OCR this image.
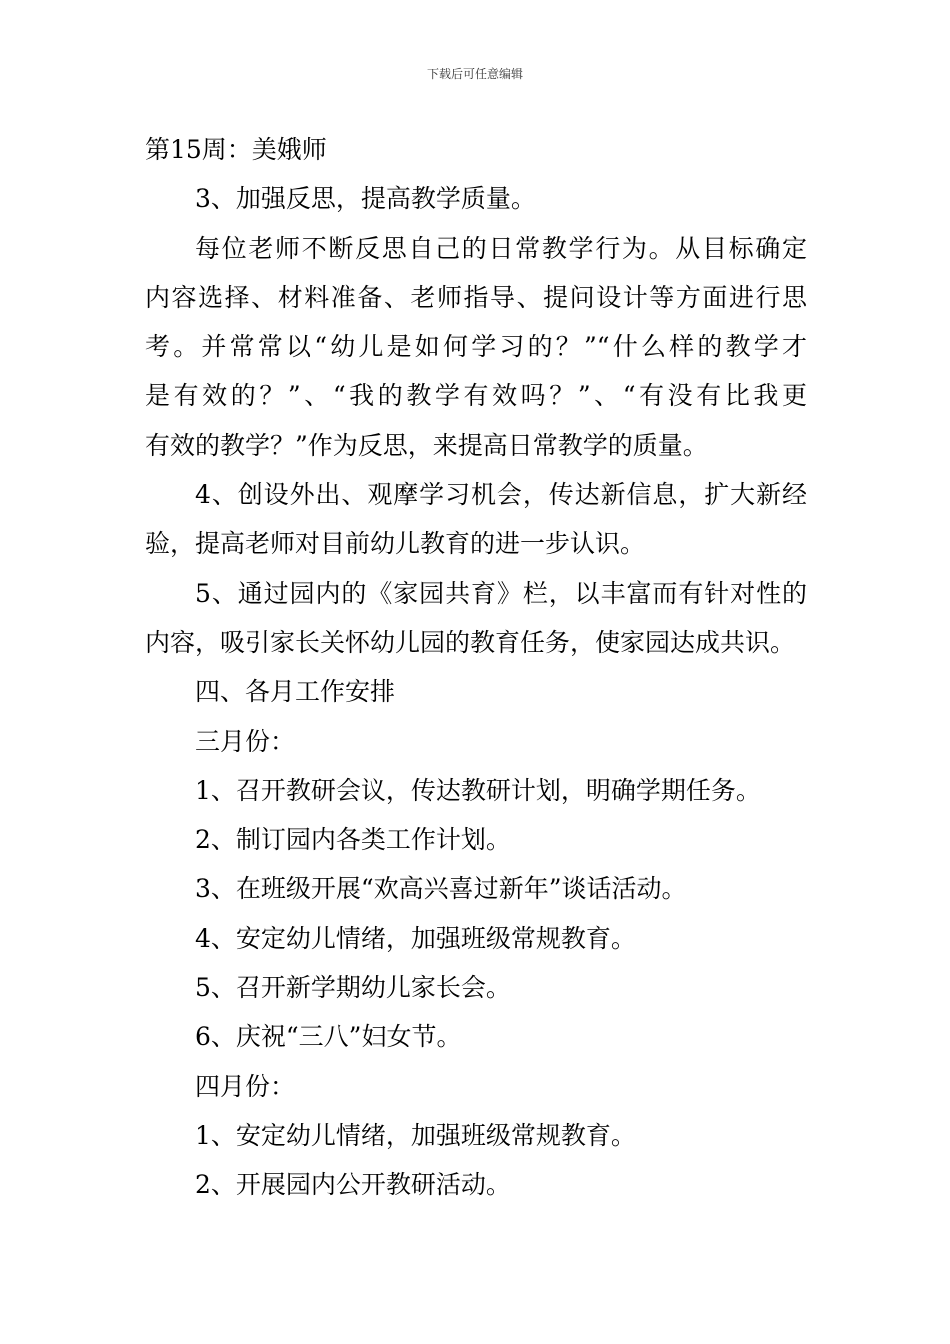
下载后可任意编辑
第15周：美娥师
3、加强反思，提高教学质量。
每位老师不断反思自己的日常教学行为。从目标确定
内容选择、材料准备、老师指导、提问设计等方面进行思
考。并常常以“幼儿是如何学习的？”“什么样的教学才
是有效的？”、“我的教学有效吗？”、“有没有比我更
有效的教学？”作为反思，来提高日常教学的质量。
4、创设外出、观摩学习机会，传达新信息，扩大新经
验，提高老师对目前幼儿教育的进一步认识。
5、通过园内的《家园共育》栏，以丰富而有针对性的
内容，吸引家长关怀幼儿园的教育任务，使家园达成共识。
四、各月工作安排
三月份：
1、召开教研会议，传达教研计划，明确学期任务。
2、制订园内各类工作计划。
3、在班级开展“欢高兴喜过新年”谈话活动。
4、安定幼儿情绪，加强班级常规教育。
5、召开新学期幼儿家长会。
6、庆祝“三八”妇女节。
四月份：
1、安定幼儿情绪，加强班级常规教育。
2、开展园内公开教研活动。
